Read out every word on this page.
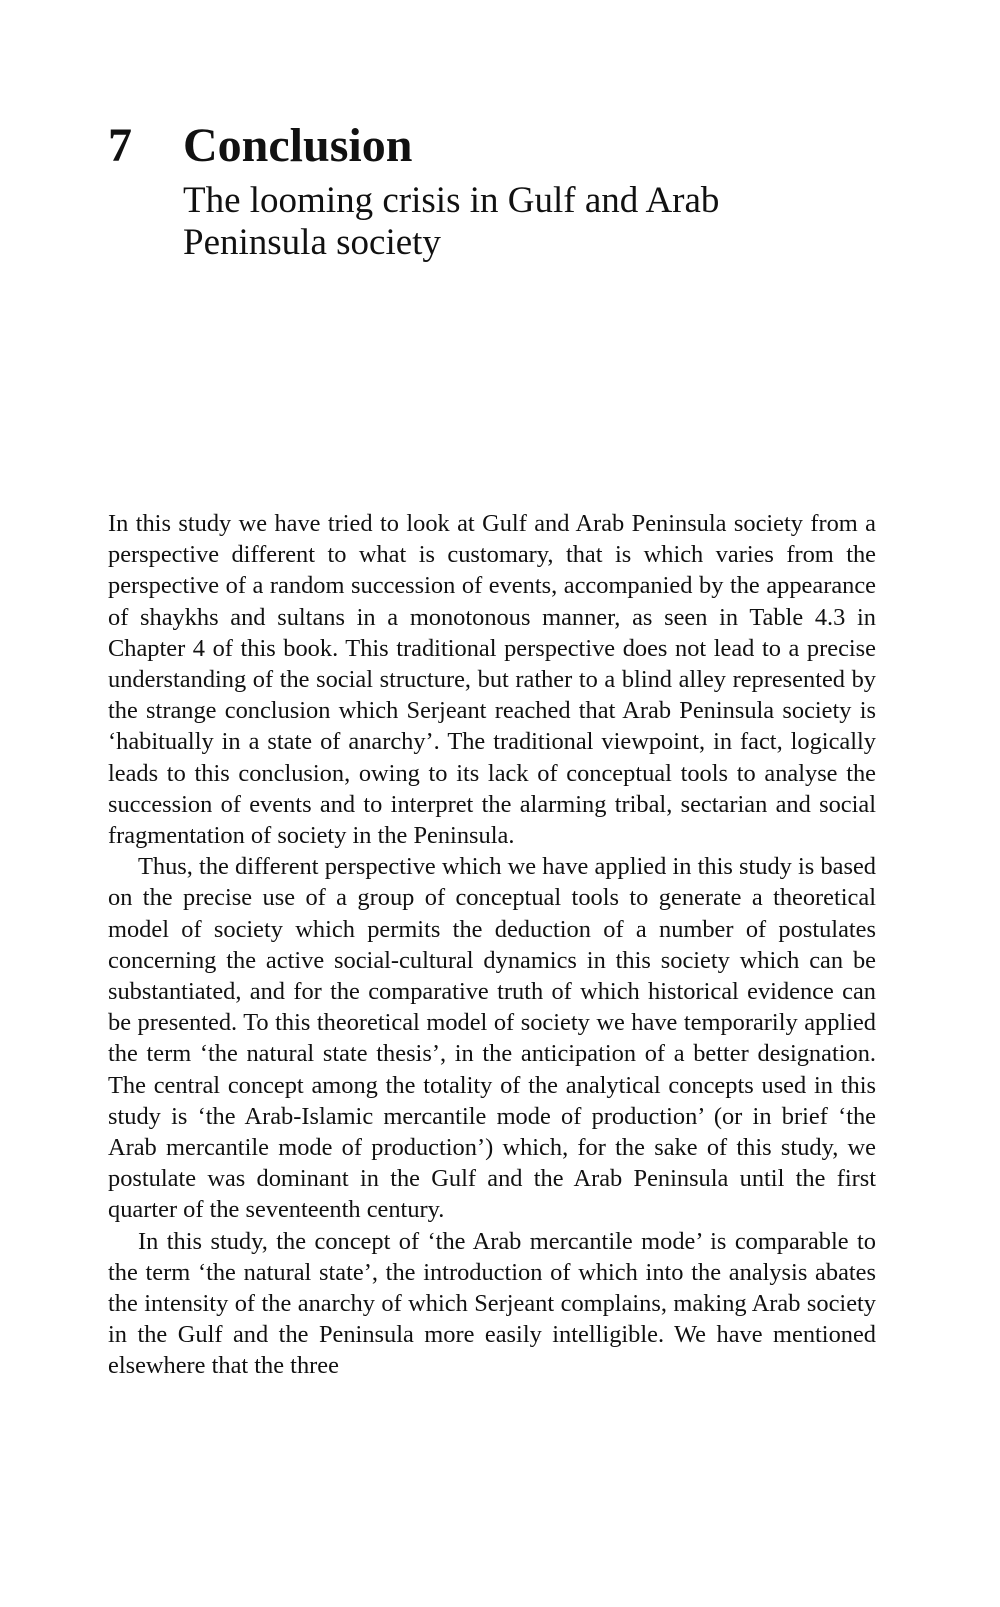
7 Conclusion
The looming crisis in Gulf and Arab Peninsula society

In this study we have tried to look at Gulf and Arab Peninsula society from a perspective different to what is customary, that is which varies from the perspective of a random succession of events, accompanied by the appearance of shaykhs and sultans in a monotonous manner, as seen in Table 4.3 in Chapter 4 of this book. This traditional perspective does not lead to a precise understanding of the social structure, but rather to a blind alley represented by the strange conclusion which Serjeant reached that Arab Peninsula society is ‘habitually in a state of anarchy’. The traditional viewpoint, in fact, logically leads to this conclusion, owing to its lack of conceptual tools to analyse the succession of events and to interpret the alarming tribal, sectarian and social fragmentation of society in the Peninsula.

Thus, the different perspective which we have applied in this study is based on the precise use of a group of conceptual tools to generate a theoretical model of society which permits the deduction of a number of postulates concerning the active social-cultural dynamics in this society which can be substantiated, and for the comparative truth of which historical evidence can be presented. To this theoretical model of society we have temporarily applied the term ‘the natural state thesis’, in the anticipation of a better designation. The central concept among the totality of the analytical concepts used in this study is ‘the Arab-Islamic mercantile mode of production’ (or in brief ‘the Arab mercantile mode of production’) which, for the sake of this study, we postulate was dominant in the Gulf and the Arab Peninsula until the first quarter of the seventeenth century.

In this study, the concept of ‘the Arab mercantile mode’ is comparable to the term ‘the natural state’, the introduction of which into the analysis abates the intensity of the anarchy of which Serjeant complains, making Arab society in the Gulf and the Peninsula more easily intelligible. We have mentioned elsewhere that the three
